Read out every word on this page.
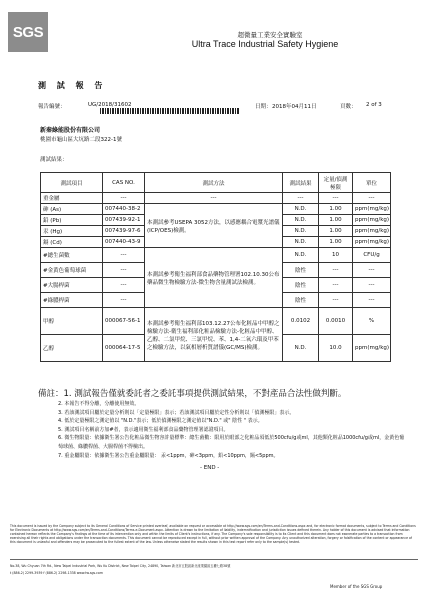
SGS	超微量工業安全實驗室
Ultra Trace Industrial Safety Hygiene
測 試 報 告
報告編號：	UG/2018/31602	日期： 2018年04月11日	頁數： 2 of 3
新秦綠能股份有限公司
桃園市龜山區大坑路二段322-1號
測試結果：
測試項目	CAS NO.	測試方法	測試結果	定量/偵測極限	單位
重金屬	---	---	---	---	---
砷 (As)	007440-38-2	本測試參考USEPA 3052方法，以感應耦合電漿光譜儀(ICP/OES)檢測。	N.D.	1.00	ppm(mg/kg)
鉛 (Pb)	007439-92-1		N.D.	1.00	ppm(mg/kg)
汞 (Hg)	007439-97-6		N.D.	1.00	ppm(mg/kg)
鎘 (Cd)	007440-43-9		N.D.	1.00	ppm(mg/kg)
#總生菌數	---	本測試參考衛生福利部食品藥物管理署102.10.30公布藥品微生物檢驗方法-微生物含量測試法檢測。	N.D.	10	CFU/g
#金黃色葡萄球菌	---		陰性	---	---
#大腸桿菌	---		陰性	---	---
#綠膿桿菌	---		陰性	---	---
甲醇	000067-56-1	本測試參考衛生福利部103.12.27公布化粧品中甲醇之檢驗方法-衛生福利部化粧品檢驗方法-化粧品中甲醇、乙醇、二氯甲烷、三氯甲烷、苯、1,4-二氧六環及甲苯之檢驗方法，以氣相層析質譜儀(GC/MS)檢測。	0.0102	0.0010	%
乙醇	000064-17-5		N.D.	10.0	ppm(mg/kg)
備註：1. 測試報告僅就委託者之委託事項提供測試結果，不對產品合法性做判斷。
2. 本報告不得分離，分離使用無效。
3. 若該測試項目屬於定量分析則以「定量極限」表示；若該測試項目屬於定性分析則以「偵測極限」表示。
4. 低於定量極限之測定值以 "N.D."表示；低於偵測極限之測定值以"N.D." 或" 陰性 " 表示。
5. 測試項目名稱前方加#者，表示適用衛生福利部食品藥物管理署認證項目。
6. 微生物限量：依據衛生署公告化粧品微生物容許量標準：總生菌數：限用於眼部之化粧品須低於500cfu/g或ml，其他類化粧品1000cfu/g或ml，金黃色葡萄球菌、綠膿桿菌、大腸桿菌不得檢出。
7. 重金屬限量：依據衛生署公告重金屬限量： 汞<1ppm，砷<3ppm，鉛<10ppm，鎘<5ppm。
- END -
This document is issued by the Company subject to its General Conditions of Service printed overleaf, available on request or accessible at http://www.sgs.com/en/Terms-and-Conditions.aspx and, for electronic format documents, subject to Terms and Conditions for Electronic Documents at http://www.sgs.com/en/Terms-and-Conditions/Terms-e-Document.aspx. Attention is drawn to the limitation of liability, indemnification and jurisdiction issues defined therein. Any holder of this document is advised that information contained hereon reflects the Company's findings at the time of its intervention only and within the limits of Client's instructions, if any. The Company's sole responsibility is to its Client and this document does not exonerate parties to a transaction from exercising all their rights and obligations under the transaction documents. This document cannot be reproduced except in full, without prior written approval of the Company. Any unauthorized alteration, forgery or falsification of the content or appearance of this document is unlawful and offenders may be prosecuted to the fullest extent of the law. Unless otherwise stated the results shown in this test report refer only to the sample(s) tested.
No.38, Wu Chyuan 7th Rd., New Taipei Industrial Park, Wu Ku District, New Taipei City, 24890, Taiwan 新北市五股區新北產業園區五權七路38號
t (886-2) 2299-3939 f (886-2) 2298-1338 www.tw.sgs.com
Member of the SGS Group
